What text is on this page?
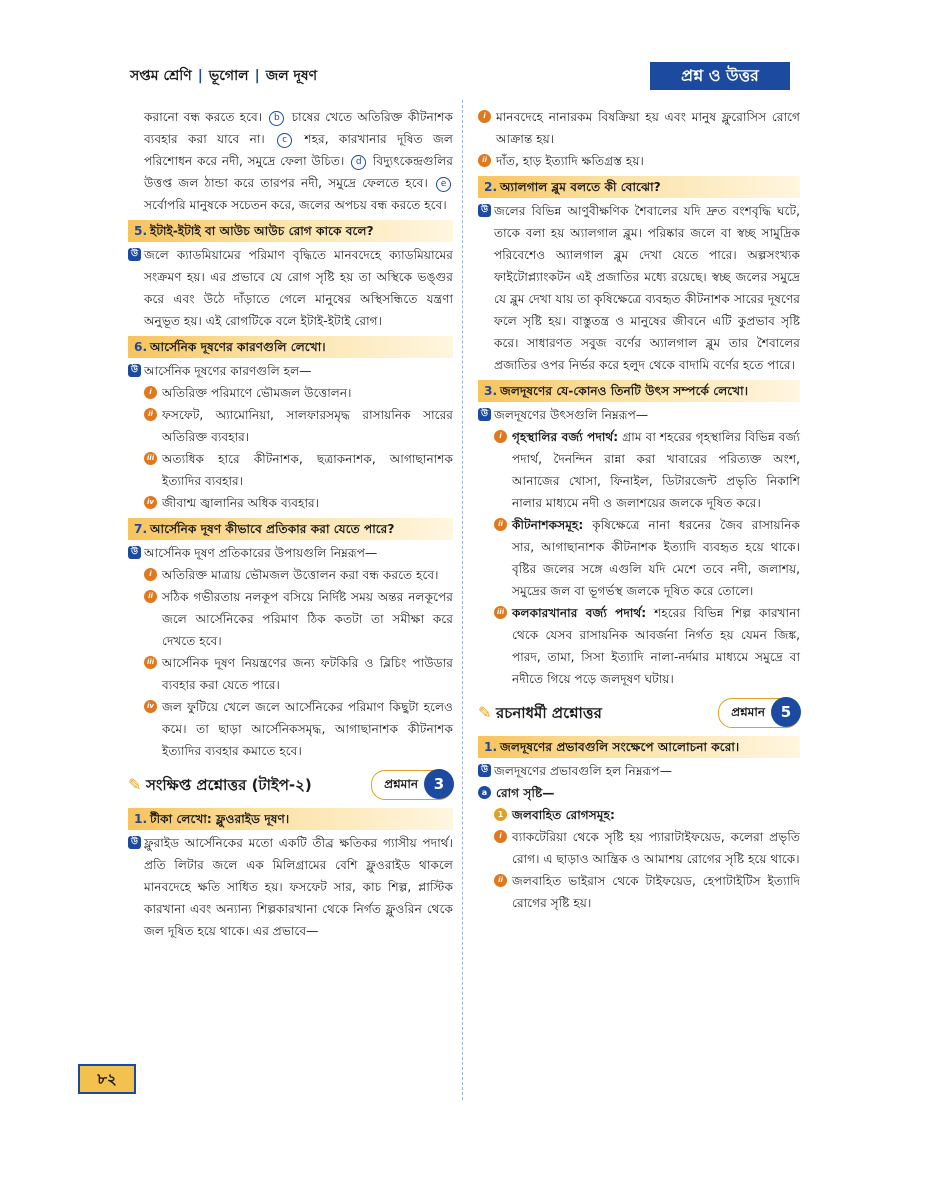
সপ্তম শ্রেণি | ভূগোল | জল দূষণ	প্রশ্ন ও উত্তর

করানো বন্ধ করতে হবে। b চাষের খেতে অতিরিক্ত কীটনাশক ব্যবহার করা যাবে না। c শহর, কারখানার দূষিত জল পরিশোধন করে নদী, সমুদ্রে ফেলা উচিত। d বিদ্যুৎকেন্দ্রগুলির উত্তপ্ত জল ঠান্ডা করে তারপর নদী, সমুদ্রে ফেলতে হবে। e সর্বোপরি মানুষকে সচেতন করে, জলের অপচয় বন্ধ করতে হবে।

5. ইটাই-ইটাই বা আউচ আউচ রোগ কাকে বলে?

উ জলে ক্যাডমিয়ামের পরিমাণ বৃদ্ধিতে মানবদেহে ক্যাডমিয়ামের সংক্রমণ হয়। এর প্রভাবে যে রোগ সৃষ্টি হয় তা অস্থিকে ভঙ্গুর করে এবং উঠে দাঁড়াতে গেলে মানুষের অস্থিসন্ধিতে যন্ত্রণা অনুভূত হয়। এই রোগটিকে বলে ইটাই-ইটাই রোগ।

6. আর্সেনিক দূষণের কারণগুলি লেখো।

উ আর্সেনিক দূষণের কারণগুলি হল—

i অতিরিক্ত পরিমাণে ভৌমজল উত্তোলন।
ii ফসফেট, অ্যামোনিয়া, সালফারসমৃদ্ধ রাসায়নিক সারের অতিরিক্ত ব্যবহার।
iii অত্যধিক হারে কীটনাশক, ছত্রাকনাশক, আগাছানাশক ইত্যাদির ব্যবহার।
iv জীবাশ্ম জ্বালানির অধিক ব্যবহার।
7. আর্সেনিক দূষণ কীভাবে প্রতিকার করা যেতে পারে?

উ আর্সেনিক দূষণ প্রতিকারের উপায়গুলি নিম্নরূপ—

i অতিরিক্ত মাত্রায় ভৌমজল উত্তোলন করা বন্ধ করতে হবে।
ii সঠিক গভীরতায় নলকূপ বসিয়ে নির্দিষ্ট সময় অন্তর নলকূপের জলে আর্সেনিকের পরিমাণ ঠিক কতটা তা সমীক্ষা করে দেখতে হবে।
iii আর্সেনিক দূষণ নিয়ন্ত্রণের জন্য ফটকিরি ও ব্লিচিং পাউডার ব্যবহার করা যেতে পারে।
iv জল ফুটিয়ে খেলে জলে আর্সেনিকের পরিমাণ কিছুটা হলেও কমে। তা ছাড়া আর্সেনিকসমৃদ্ধ, আগাছানাশক কীটনাশক ইত্যাদির ব্যবহার কমাতে হবে।
✎ সংক্ষিপ্ত প্রশ্নোত্তর (টাইপ-২)	প্রশ্নমান	3
1. টীকা লেখো: ফ্লুওরাইড দূষণ।

উ ফ্লুরাইড আর্সেনিকের মতো একটি তীব্র ক্ষতিকর গ্যাসীয় পদার্থ। প্রতি লিটার জলে এক মিলিগ্রামের বেশি ফ্লুওরাইড থাকলে মানবদেহে ক্ষতি সাধিত হয়। ফসফেট সার, কাচ শিল্প, প্লাস্টিক কারখানা এবং অন্যান্য শিল্পকারখানা থেকে নির্গত ফ্লুওরিন থেকে জল দূষিত হয়ে থাকে। এর প্রভাবে—

i মানবদেহে নানারকম বিষক্রিয়া হয় এবং মানুষ ফ্লুরোসিস রোগে আক্রান্ত হয়।
ii দাঁত, হাড় ইত্যাদি ক্ষতিগ্রস্ত হয়।
2. অ্যালগাল ব্লুম বলতে কী বোঝো?

উ জলের বিভিন্ন আণুবীক্ষণিক শৈবালের যদি দ্রুত বংশবৃদ্ধি ঘটে, তাকে বলা হয় অ্যালগাল ব্লুম। পরিষ্কার জলে বা স্বচ্ছ সামুদ্রিক পরিবেশেও অ্যালগাল ব্লুম দেখা যেতে পারে। অল্পসংখ্যক ফাইটোপ্ল্যাংকটন এই প্রজাতির মধ্যে রয়েছে। স্বচ্ছ জলের সমুদ্রে যে ব্লুম দেখা যায় তা কৃষিক্ষেত্রে ব্যবহৃত কীটনাশক সারের দূষণের ফলে সৃষ্টি হয়। বাস্তুতন্ত্র ও মানুষের জীবনে এটি কুপ্রভাব সৃষ্টি করে। সাধারণত সবুজ বর্ণের অ্যালগাল ব্লুম তার শৈবালের প্রজাতির ওপর নির্ভর করে হলুদ থেকে বাদামি বর্ণের হতে পারে।

3. জলদূষণের যে-কোনও তিনটি উৎস সম্পর্কে লেখো।

উ জলদূষণের উৎসগুলি নিম্নরূপ—

i গৃহস্থালির বর্জ্য পদার্থ: গ্রাম বা শহরের গৃহস্থালির বিভিন্ন বর্জ্য পদার্থ, দৈনন্দিন রান্না করা খাবারের পরিত্যক্ত অংশ, আনাজের খোসা, ফিনাইল, ডিটারজেন্ট প্রভৃতি নিকাশি নালার মাধ্যমে নদী ও জলাশয়ের জলকে দূষিত করে।
ii কীটনাশকসমূহ: কৃষিক্ষেত্রে নানা ধরনের জৈব রাসায়নিক সার, আগাছানাশক কীটনাশক ইত্যাদি ব্যবহৃত হয়ে থাকে। বৃষ্টির জলের সঙ্গে এগুলি যদি মেশে তবে নদী, জলাশয়, সমুদ্রের জল বা ভূগর্ভস্থ জলকে দূষিত করে তোলে।
iii কলকারখানার বর্জ্য পদার্থ: শহরের বিভিন্ন শিল্প কারখানা থেকে যেসব রাসায়নিক আবর্জনা নির্গত হয় যেমন জিঙ্ক, পারদ, তামা, সিসা ইত্যাদি নালা-নর্দমার মাধ্যমে সমুদ্রে বা নদীতে গিয়ে পড়ে জলদূষণ ঘটায়।
✎ রচনাধর্মী প্রশ্নোত্তর	প্রশ্নমান	5
1. জলদূষণের প্রভাবগুলি সংক্ষেপে আলোচনা করো।

উ জলদূষণের প্রভাবগুলি হল নিম্নরূপ—

a রোগ সৃষ্টি—
1 জলবাহিত রোগসমূহ:
i ব্যাকটেরিয়া থেকে সৃষ্টি হয় প্যারাটাইফয়েড, কলেরা প্রভৃতি রোগ। এ ছাড়াও আন্ত্রিক ও আমাশয় রোগের সৃষ্টি হয়ে থাকে।
ii জলবাহিত ভাইরাস থেকে টাইফয়েড, হেপাটাইটিস ইত্যাদি রোগের সৃষ্টি হয়।
৮২
